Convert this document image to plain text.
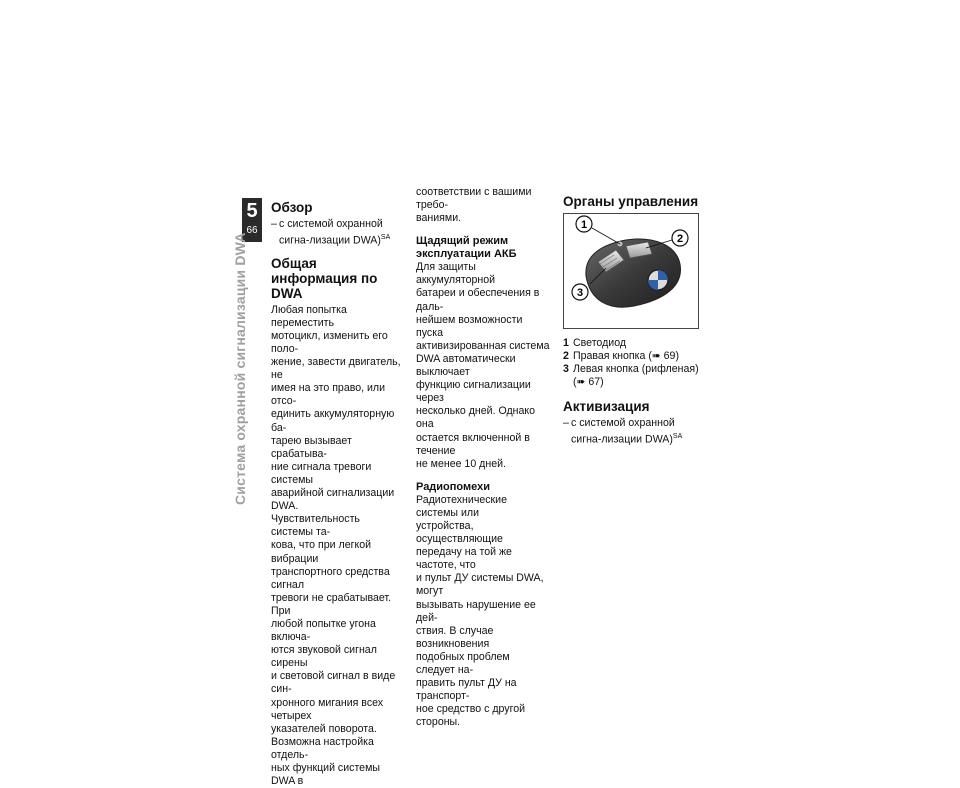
5
66
Система охранной сигнализации DWA
Обзор
– с системой охранной сигна-лизации DWA)$^{SA}$
Общая информация по DWA

Любая попытка переместить

мотоцикл, изменить его поло-

жение, завести двигатель, не

имея на это право, или отсо-

единить аккумуляторную ба-

тарею вызывает срабатыва-

ние сигнала тревоги системы

аварийной сигнализации DWA.

Чувствительность системы та-

кова, что при легкой вибрации

транспортного средства сигнал

тревоги не срабатывает. При

любой попытке угона включа-

ются звуковой сигнал сирены

и световой сигнал в виде син-

хронного мигания всех четырех

указателей поворота.

Возможна настройка отдель-

ных функций системы DWA в

соответствии с вашими требо-

ваниями.

Щадящий режим эксплуатации АКБ

Для защиты аккумуляторной

батареи и обеспечения в даль-

нейшем возможности пуска

активизированная система

DWA автоматически выключает

функцию сигнализации через

несколько дней. Однако она

остается включенной в течение

не менее 10 дней.

Радиопомехи

Радиотехнические системы или

устройства, осуществляющие

передачу на той же частоте, что

и пульт ДУ системы DWA, могут

вызывать нарушение ее дей-

ствия. В случае возникновения

подобных проблем следует на-

править пульт ДУ на транспорт-

ное средство с другой стороны.

Органы управления
1
2
3
1 Светодиод
2 Правая кнопка (➠ 69)
3 Левая кнопка (рифленая)
(➠ 67)
Активизация
– с системой охранной сигна-лизации DWA)$^{SA}$
